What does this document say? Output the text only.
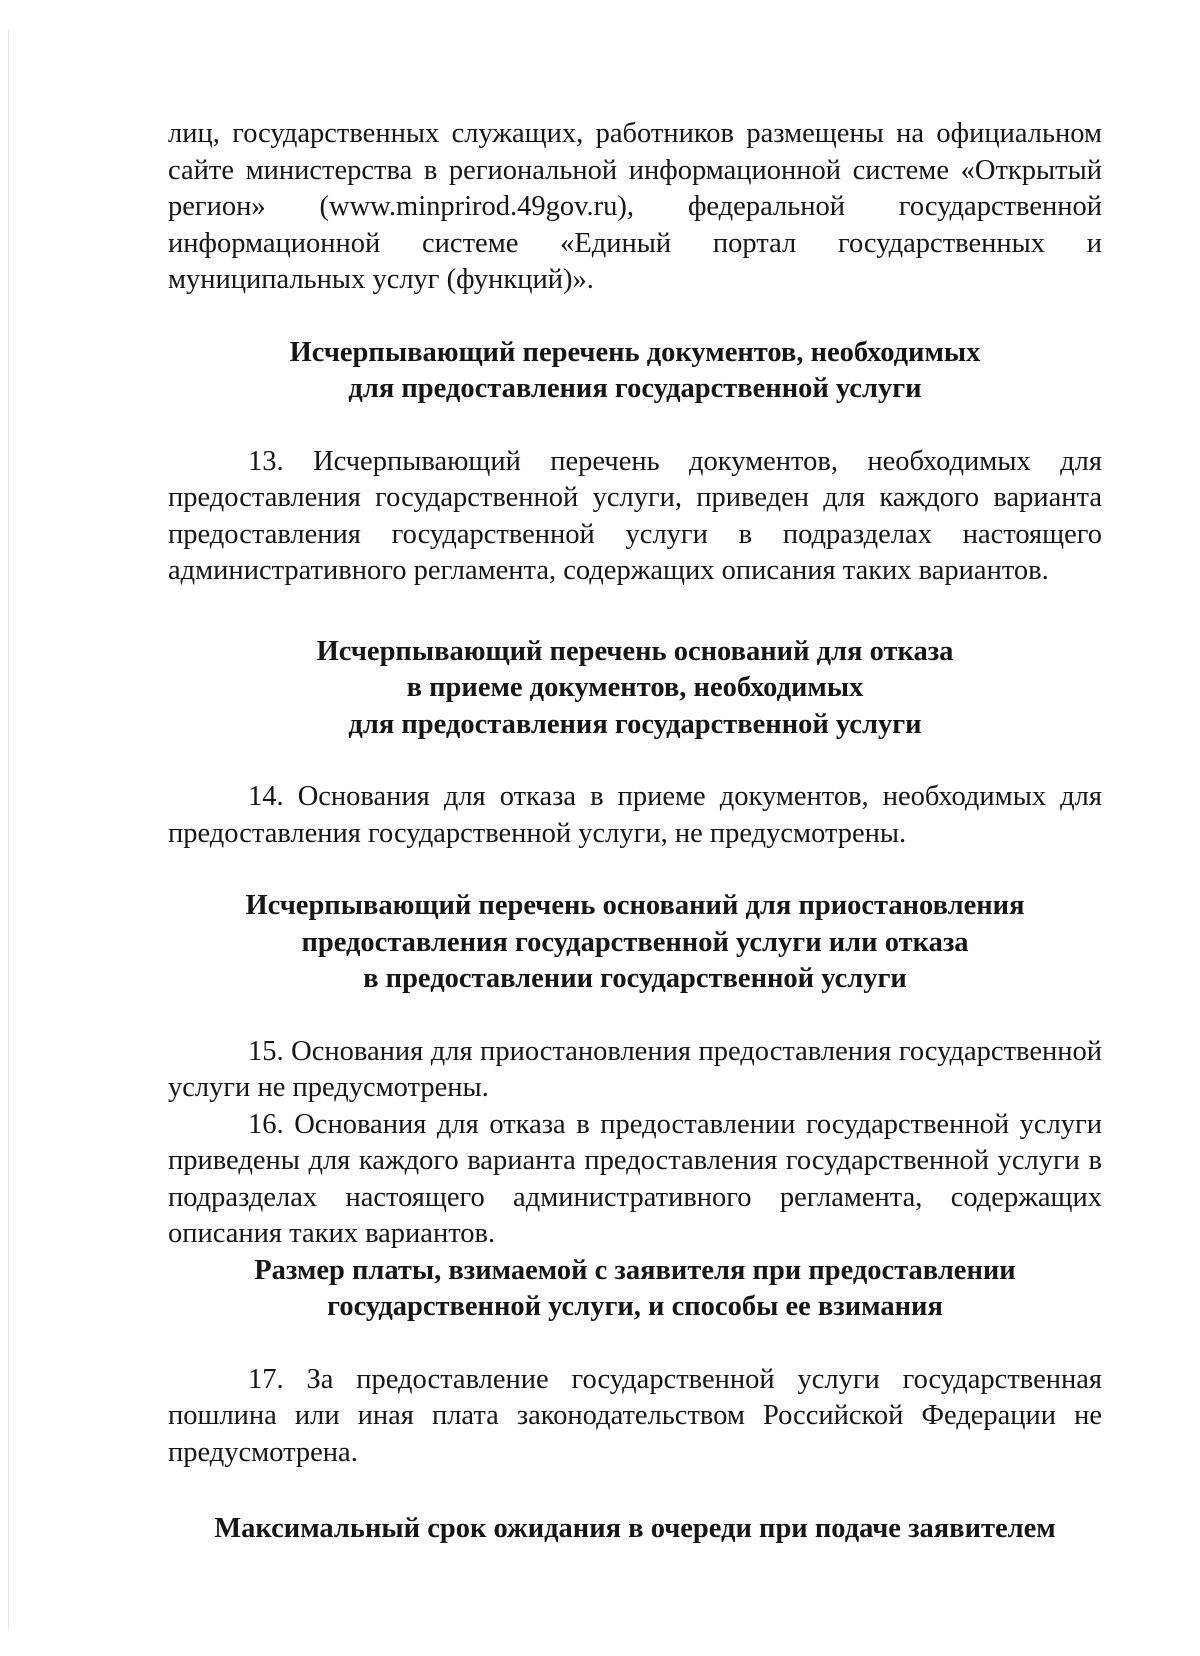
лиц, государственных служащих, работников размещены на официальном
сайте министерства в региональной информационной системе «Открытый
регион» (www.minprirod.49gov.ru), федеральной государственной
информационной системе «Единый портал государственных и
муниципальных услуг (функций)».

Исчерпывающий перечень документов, необходимых
для предоставления государственной услуги

13. Исчерпывающий перечень документов, необходимых для
предоставления государственной услуги, приведен для каждого варианта
предоставления государственной услуги в подразделах настоящего
административного регламента, содержащих описания таких вариантов.

Исчерпывающий перечень оснований для отказа
в приеме документов, необходимых
для предоставления государственной услуги

14. Основания для отказа в приеме документов, необходимых для
предоставления государственной услуги, не предусмотрены.

Исчерпывающий перечень оснований для приостановления
предоставления государственной услуги или отказа
в предоставлении государственной услуги

15. Основания для приостановления предоставления государственной
услуги не предусмотрены.

16. Основания для отказа в предоставлении государственной услуги
приведены для каждого варианта предоставления государственной услуги в
подразделах настоящего административного регламента, содержащих
описания таких вариантов.

Размер платы, взимаемой с заявителя при предоставлении
государственной услуги, и способы ее взимания

17. За предоставление государственной услуги государственная
пошлина или иная плата законодательством Российской Федерации не
предусмотрена.

Максимальный срок ожидания в очереди при подаче заявителем
